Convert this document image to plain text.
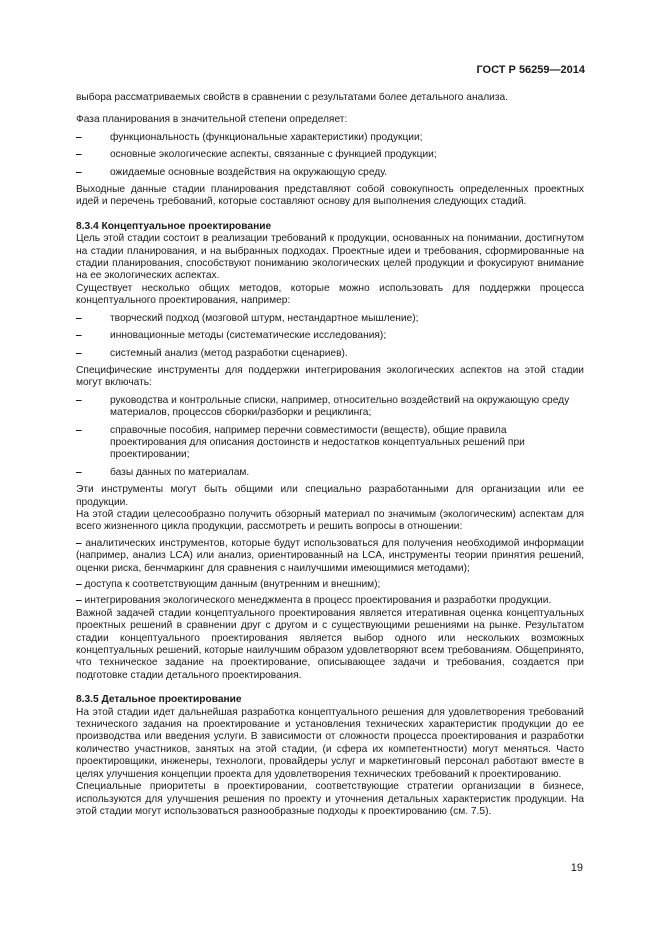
ГОСТ Р 56259—2014

выбора рассматриваемых свойств в сравнении с результатами более детального анализа.

Фаза планирования в значительной степени определяет:

‒	функциональность (функциональные характеристики) продукции;
‒	основные экологические аспекты, связанные с функцией продукции;
‒	ожидаемые основные воздействия на окружающую среду.

Выходные данные стадии планирования представляют собой совокупность определенных проектных идей и перечень требований, которые составляют основу для выполнения следующих стадий.

8.3.4 Концептуальное проектирование

Цель этой стадии состоит в реализации требований к продукции, основанных на понимании, достигнутом на стадии планирования, и на выбранных подходах. Проектные идеи и требования, сформированные на стадии планирования, способствуют пониманию экологических целей продукции и фокусируют внимание на ее экологических аспектах.

Существует несколько общих методов, которые можно использовать для поддержки процесса концептуального проектирования, например:

‒	творческий подход (мозговой штурм, нестандартное мышление);
‒	инновационные методы (систематические исследования);
‒	системный анализ (метод разработки сценариев).

Специфические инструменты для поддержки интегрирования экологических аспектов на этой стадии могут включать:

‒	руководства и контрольные списки, например, относительно воздействий на окружающую среду материалов, процессов сборки/разборки и рециклинга;
‒	справочные пособия, например перечни совместимости (веществ), общие правила проектирования для описания достоинств и недостатков концептуальных решений при проектировании;
‒	базы данных по материалам.

Эти инструменты могут быть общими или специально разработанными для организации или ее продукции.

На этой стадии целесообразно получить обзорный материал по значимым (экологическим) аспектам для всего жизненного цикла продукции, рассмотреть и решить вопросы в отношении:

‒ аналитических инструментов, которые будут использоваться для получения необходимой информации (например, анализ LCA) или анализ, ориентированный на LCA, инструменты теории принятия решений, оценки риска, бенчмаркинг для сравнения с наилучшими имеющимися методами);

‒ доступа к соответствующим данным (внутренним и внешним);

‒ интегрирования экологического менеджмента в процесс проектирования и разработки продукции.

Важной задачей стадии концептуального проектирования является итеративная оценка концептуальных проектных решений в сравнении друг с другом и с существующими решениями на рынке. Результатом стадии концептуального проектирования является выбор одного или нескольких возможных концептуальных решений, которые наилучшим образом удовлетворяют всем требованиям. Общепринято, что техническое задание на проектирование, описывающее задачи и требования, создается при подготовке стадии детального проектирования.

8.3.5 Детальное проектирование

На этой стадии идет дальнейшая разработка концептуального решения для удовлетворения требований технического задания на проектирование и установления технических характеристик продукции до ее производства или введения услуги. В зависимости от сложности процесса проектирования и разработки количество участников, занятых на этой стадии, (и сфера их компетентности) могут меняться. Часто проектировщики, инженеры, технологи, провайдеры услуг и маркетинговый персонал работают вместе в целях улучшения концепции проекта для удовлетворения технических требований к проектированию.

Специальные приоритеты в проектировании, соответствующие стратегии организации в бизнесе, используются для улучшения решения по проекту и уточнения детальных характеристик продукции. На этой стадии могут использоваться разнообразные подходы к проектированию (см. 7.5).

19
